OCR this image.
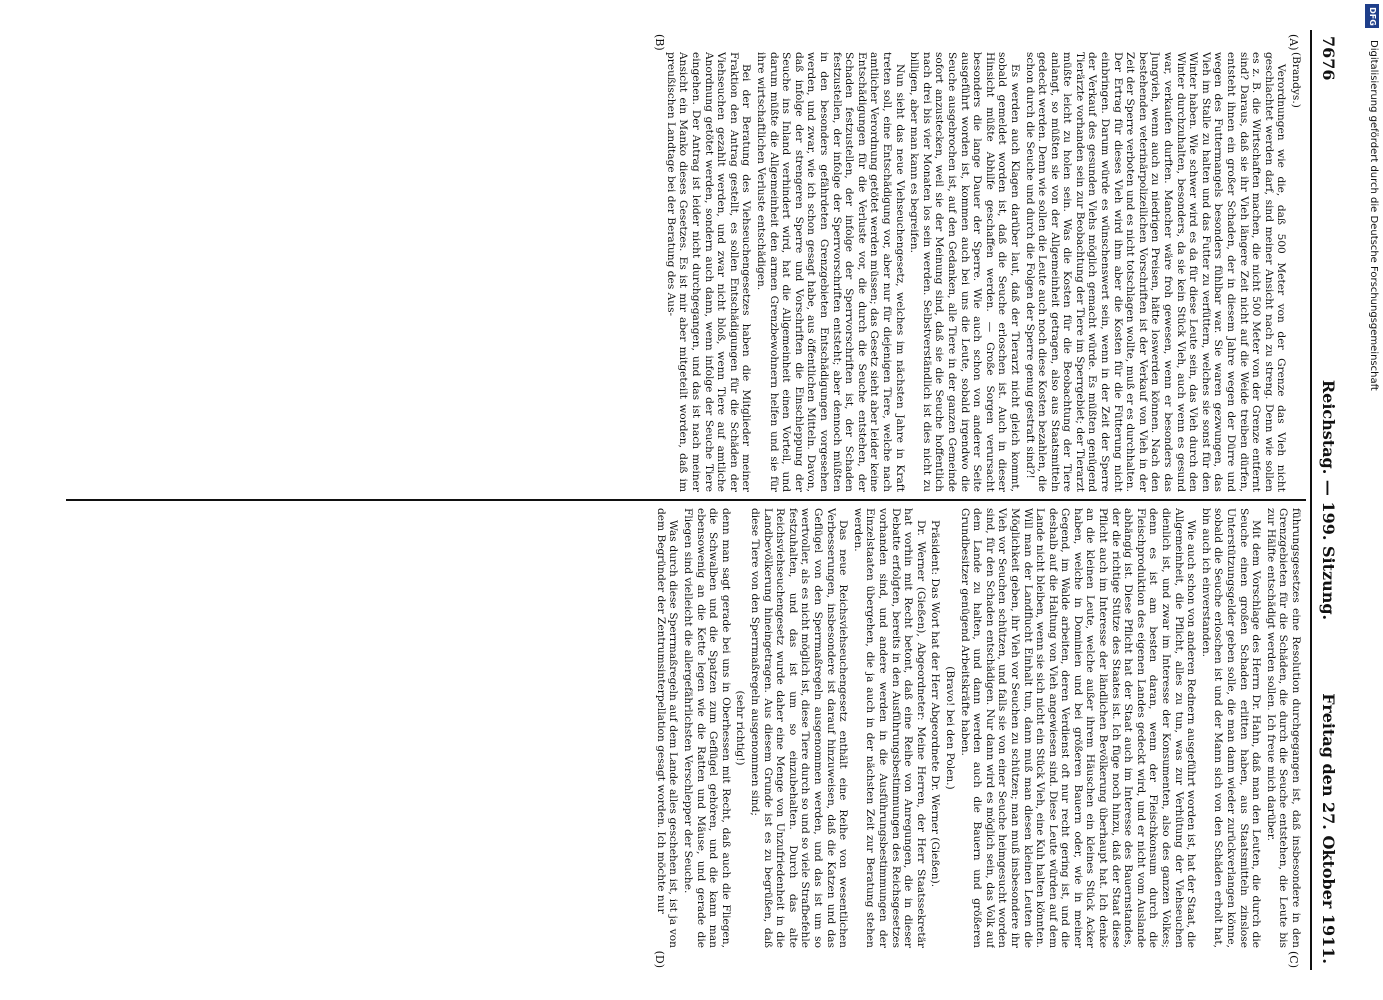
7676
Reichstag. — 199. Sitzung.
Freitag den 27. Oktober 1911.
(A)
(B)
(C)
(D)

(Brandys.)

Verordnungen wie die, daß 500 Meter von der Grenze das Vieh nicht geschlachtet werden darf, sind meiner Ansicht nach zu streng. Denn wie sollen es z. B. die Wirtschaften machen, die nicht 500 Meter von der Grenze entfernt sind? Daraus, daß sie ihr Vieh längere Zeit nicht auf die Weide treiben dürfen, entsteht ihnen ein großer Schaden, der in diesem Jahre wegen der Dürre und wegen des Futtermangels besonders fühlbar war. Sie waren gezwungen, das Vieh im Stalle zu halten und das Futter zu verfüttern, welches sie sonst für den Winter haben. Wie schwer wird es da für diese Leute sein, das Vieh durch den Winter durchzuhalten, besonders, da sie kein Stück Vieh, auch wenn es gesund war, verkaufen durften. Mancher wäre froh gewesen, wenn er besonders das Jungvieh, wenn auch zu niedrigen Preisen, hätte loswerden können. Nach den bestehenden veterinärpolizeilichen Vorschriften ist der Verkauf von Vieh in der Zeit der Sperre verboten und es nicht totschlagen wollte, muß er es durchhalten. Der Ertrag für dieses Vieh wird ihm aber die Kosten für die Fütterung nicht einbringen. Darum würde es wünschenswert sein, wenn in der Zeit der Sperre der Verkauf des gesunden Viehs möglich gemacht würde. Es müßten genügend Tierärzte vorhanden sein zur Beobachtung der Tiere im Sperrgebiet; der Tierarzt müßte leicht zu holen sein. Was die Kosten für die Beobachtung der Tiere anlangt, so müßten sie von der Allgemeinheit getragen, also aus Staatsmitteln gedeckt werden. Denn wie sollen die Leute auch noch diese Kosten bezahlen, die schon durch die Seuche und durch die Folgen der Sperre genug gestraft sind?!

Es werden auch Klagen darüber laut, daß der Tierarzt nicht gleich kommt, sobald gemeldet worden ist, daß die Seuche erloschen ist. Auch in dieser Hinsicht müßte Abhilfe geschaffen werden. — Große Sorgen verursacht besonders die lange Dauer der Sperre. Wie auch schon von anderer Seite ausgeführt worden ist, kommen auch bei uns die Leute, sobald irgendwo die Seuche ausgebrochen ist, auf den Gedanken, alle Tiere in der ganzen Gemeinde sofort anzustecken, weil sie der Meinung sind, daß sie die Seuche hoffentlich nach drei bis vier Monaten los sein werden. Selbstverständlich ist dies nicht zu billigen, aber man kann es begreifen.

Nun sieht das neue Viehseuchengesetz, welches im nächsten Jahre in Kraft treten soll, eine Entschädigung vor, aber nur für diejenigen Tiere, welche nach amtlicher Verordnung getötet werden müssen; das Gesetz sieht aber leider keine Entschädigungen für die Verluste vor, die durch die Seuche entstehen, der Schaden festzustellen, der infolge der Sperrvorschriften ist, der Schaden festzustellen, der infolge der Sperrvorschriften entsteht; aber dennoch müßten in den besonders gefährdeten Grenzgebieten Entschädigungen vorgesehen werden, und zwar, wie ich schon gesagt habe, aus öffentlichen Mitteln. Davon, daß infolge der strengeren Sperre und Vorschriften die Einschleppung der Seuche ins Inland verhindert wird, hat die Allgemeinheit einen Vorteil, und darum müßte die Allgemeinheit den armen Grenzbewohnern helfen und sie für ihre wirtschaftlichen Verluste entschädigen.

Bei der Beratung des Viehseuchengesetzes haben die Mitglieder meiner Fraktion den Antrag gestellt, es sollen Entschädigungen für die Schäden der Viehseuchen gezahlt werden, und zwar nicht bloß, wenn Tiere auf amtliche Anordnung getötet werden, sondern auch dann, wenn infolge der Seuche Tiere eingehen. Der Antrag ist leider nicht durchgegangen, und das ist nach meiner Ansicht ein Manko dieses Gesetzes. Es ist mir aber mitgeteilt worden, daß im preußischen Landtage bei der Beratung des Aus-

führungsgesetzes eine Resolution durchgegangen ist, daß insbesondere in den Grenzgebieten für die Schäden, die durch die Seuche entstehen, die Leute bis zur Hälfte entschädigt werden sollen. Ich freue mich darüber.

Mit dem Vorschlage des Herrn Dr. Hahn, daß man den Leuten, die durch die Seuche einen großen Schaden erlitten haben, aus Staatsmitteln zinslose Unterstützungsgelder geben solle, die man dann wieder zurückverlangen könne, sobald die Seuche erloschen ist und der Mann sich von den Schäden erholt hat, bin auch ich einverstanden.

Wie auch schon von anderen Rednern ausgeführt worden ist, hat der Staat, die Allgemeinheit, die Pflicht, alles zu tun, was zur Verhütung der Viehseuchen dienlich ist, und zwar im Interesse der Konsumenten, also des ganzen Volkes; denn es ist am besten daran, wenn der Fleischkonsum durch die Fleischproduktion des eigenen Landes gedeckt wird, und er nicht vom Auslande abhängig ist. Diese Pflicht hat der Staat auch im Interesse des Bauernstandes, der die richtige Stütze des Staates ist. Ich füge noch hinzu, daß der Staat diese Pflicht auch im Interesse der ländlichen Bevölkerung überhaupt hat. Ich denke an die kleinen Leute, welche außer ihrem Häuschen ein kleines Stück Acker haben, welche in Dominien und bei größeren Bauern oder, wie in meiner Gegend, im Walde arbeiten, deren Verdienst oft nur recht gering ist, und die deshalb auf die Haltung von Vieh angewiesen sind. Diese Leute würden auf dem Lande nicht bleiben, wenn sie sich nicht ein Stück Vieh, eine Kuh halten könnten. Will man der Landflucht Einhalt tun, dann muß man diesen kleinen Leuten die Möglichkeit geben, ihr Vieh vor Seuchen zu schützen; man muß insbesondere ihr Vieh vor Seuchen schützen, und falls sie von einer Seuche heimgesucht worden sind, für den Schaden entschädigen. Nur dann wird es möglich sein, das Volk auf dem Lande zu halten, und dann werden auch die Bauern und größeren Grundbesitzer genügend Arbeitskräfte haben.

(Bravo! bei den Polen.)

Präsident: Das Wort hat der Herr Abgeordnete Dr. Werner (Gießen).

Dr. Werner (Gießen), Abgeordneter: Meine Herren, der Herr Staatssekretär hat vorhin mit Recht betont, daß eine Reihe von Anregungen, die in dieser Debatte erfolgten, bereits in den Ausführungsbestimmungen des Reichsgesetzes vorhanden sind, und andere werden in die Ausführungsbestimmungen der Einzelstaaten übergehen, die ja auch in der nächsten Zeit zur Beratung stehen werden.

Das neue Reichsviehseuchengesetz enthält eine Reihe von wesentlichen Verbesserungen, insbesondere ist darauf hinzuweisen, daß die Katzen und das Geflügel von den Sperrmaßregeln ausgenommen werden, und das ist um so wertvoller, als es nicht möglich ist, diese Tiere durch so und so viele Strafbefehle festzuhalten, und das ist um so einzubehalten. Durch das alte Reichsviehseuchengesetz wurde daher eine Menge von Unzufriedenheit in die Landbevölkerung hineingetragen. Aus diesem Grunde ist es zu begrüßen, daß diese Tiere von den Sperrmaßregeln ausgenommen sind;

(sehr richtig!)

denn man sagt gerade bei uns in Oberhessen mit Recht, daß auch die Fliegen, die Schwalben und die Spatzen zum Geflügel gehören, und die kann man ebensowenig an die Kette legen wie die Ratten und Mäuse, und gerade die Fliegen sind vielleicht die allergefährlichsten Verschlepper der Seuche.

Was durch diese Sperrmaßregeln auf dem Lande alles geschehen ist, ist ja von dem Begründer der Zentrumsinterpellation gesagt worden. Ich möchte nur

DFG
Digitalisierung gefördert durch die Deutsche Forschungsgemeinschaft
